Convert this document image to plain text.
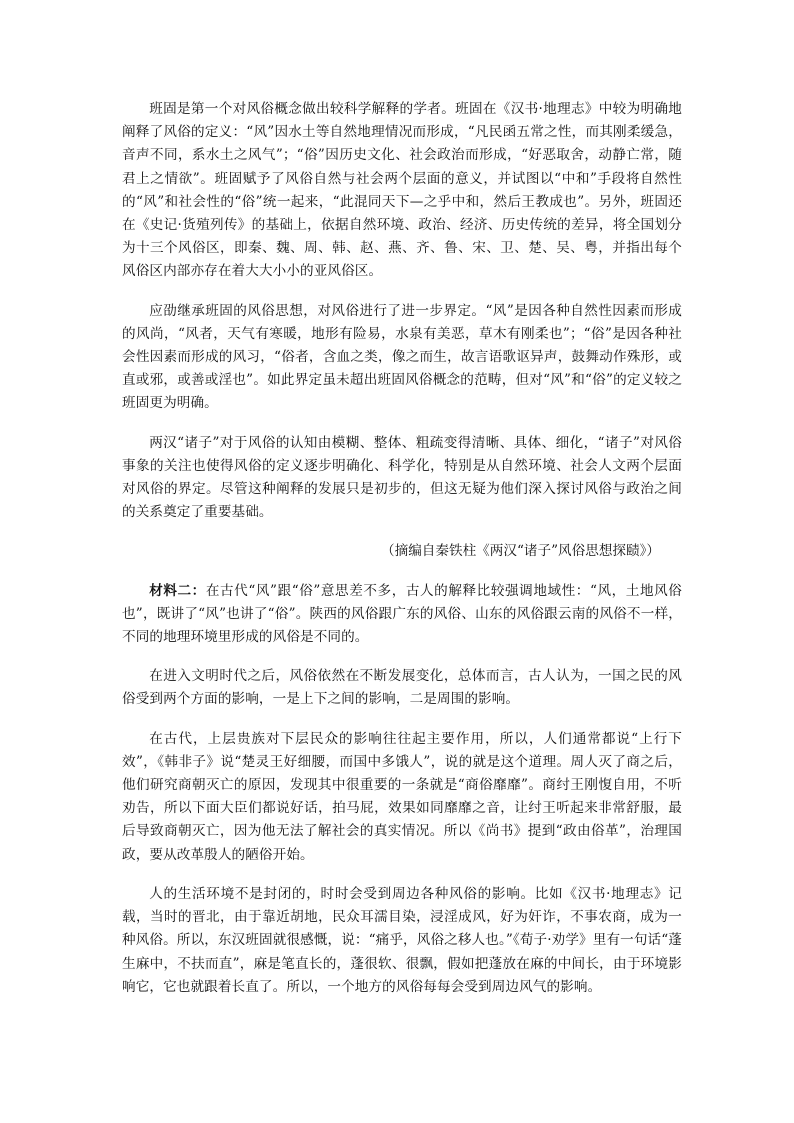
班固是第一个对风俗概念做出较科学解释的学者。班固在《汉书·地理志》中较为明确地阐释了风俗的定义：“风”因水土等自然地理情况而形成，“凡民函五常之性，而其刚柔缓急，音声不同，系水土之风气”；“俗”因历史文化、社会政治而形成，“好恶取舍，动静亡常，随君上之情欲”。班固赋予了风俗自然与社会两个层面的意义，并试图以“中和”手段将自然性的“风”和社会性的“俗”统一起来，“此混同天下—之乎中和，然后王教成也”。另外，班固还在《史记·货殖列传》的基础上，依据自然环境、政治、经济、历史传统的差异，将全国划分为十三个风俗区，即秦、魏、周、韩、赵、燕、齐、鲁、宋、卫、楚、吴、粤，并指出每个风俗区内部亦存在着大大小小的亚风俗区。

应劭继承班固的风俗思想，对风俗进行了进一步界定。“风”是因各种自然性因素而形成的风尚，“风者，天气有寒暖，地形有险易，水泉有美恶，草木有刚柔也”；“俗”是因各种社会性因素而形成的风习，“俗者，含血之类，像之而生，故言语歌讴异声，鼓舞动作殊形，或直或邪，或善或淫也”。如此界定虽未超出班固风俗概念的范畴，但对“风”和“俗”的定义较之班固更为明确。

两汉“诸子”对于风俗的认知由模糊、整体、粗疏变得清晰、具体、细化，“诸子”对风俗事象的关注也使得风俗的定义逐步明确化、科学化，特别是从自然环境、社会人文两个层面对风俗的界定。尽管这种阐释的发展只是初步的，但这无疑为他们深入探讨风俗与政治之间的关系奠定了重要基础。

（摘编自秦铁柱《两汉“诸子”风俗思想探赜》）

材料二：在古代“风”跟“俗”意思差不多，古人的解释比较强调地域性：“风，土地风俗也”，既讲了“风”也讲了“俗”。陕西的风俗跟广东的风俗、山东的风俗跟云南的风俗不一样，不同的地理环境里形成的风俗是不同的。

在进入文明时代之后，风俗依然在不断发展变化，总体而言，古人认为，一国之民的风俗受到两个方面的影响，一是上下之间的影响，二是周围的影响。

在古代，上层贵族对下层民众的影响往往起主要作用，所以，人们通常都说“上行下效”，《韩非子》说“楚灵王好细腰，而国中多饿人”，说的就是这个道理。周人灭了商之后，他们研究商朝灭亡的原因，发现其中很重要的一条就是“商俗靡靡”。商纣王刚愎自用，不听劝告，所以下面大臣们都说好话，拍马屁，效果如同靡靡之音，让纣王听起来非常舒服，最后导致商朝灭亡，因为他无法了解社会的真实情况。所以《尚书》提到“政由俗革”，治理国政，要从改革殷人的陋俗开始。

人的生活环境不是封闭的，时时会受到周边各种风俗的影响。比如《汉书·地理志》记载，当时的晋北，由于靠近胡地，民众耳濡目染，浸淫成风，好为奸诈，不事农商，成为一种风俗。所以，东汉班固就很感慨，说：“痛乎，风俗之移人也。”《荀子·劝学》里有一句话“蓬生麻中，不扶而直”，麻是笔直长的，蓬很软、很飘，假如把蓬放在麻的中间长，由于环境影响它，它也就跟着长直了。所以，一个地方的风俗每每会受到周边风气的影响。
